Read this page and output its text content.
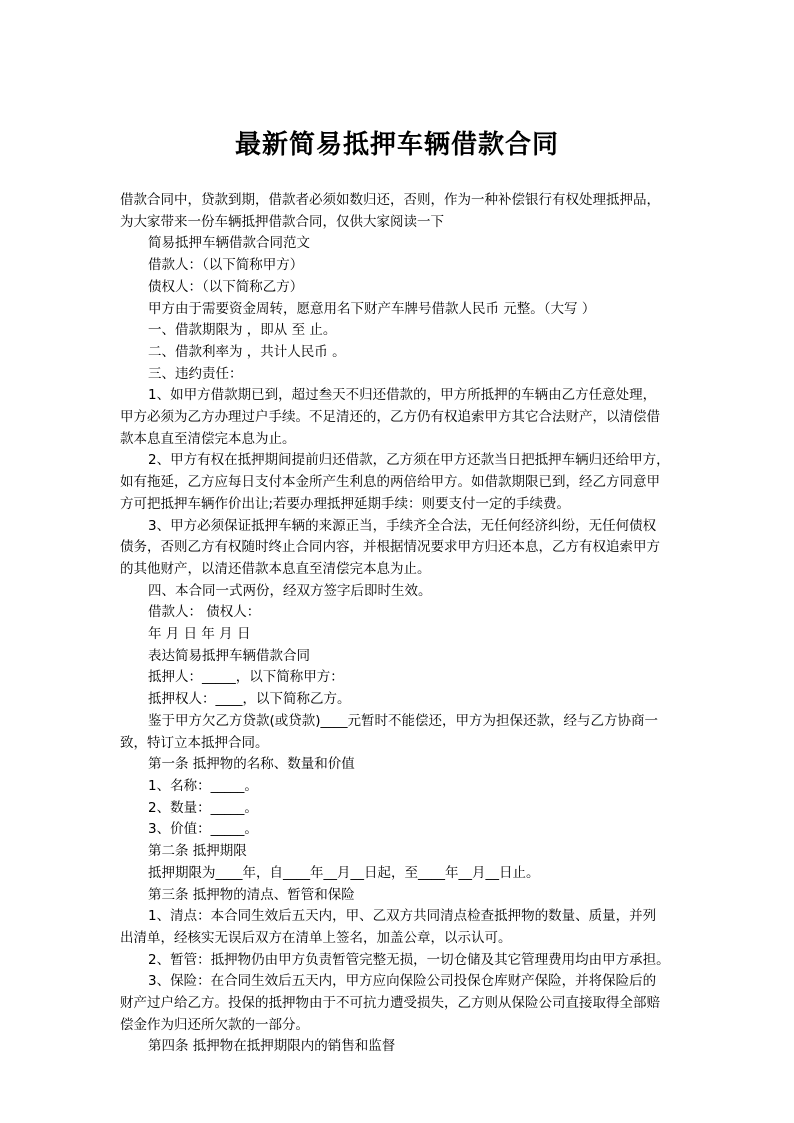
最新简易抵押车辆借款合同

借款合同中，贷款到期，借款者必须如数归还，否则，作为一种补偿银行有权处理抵押品，

为大家带来一份车辆抵押借款合同，仅供大家阅读一下

简易抵押车辆借款合同范文

借款人：（以下简称甲方）

债权人：（以下简称乙方）

甲方由于需要资金周转，愿意用名下财产车牌号借款人民币 元整。（大写 ）

一、借款期限为 ，即从 至 止。

二、借款利率为 ，共计人民币 。

三、违约责任：

1、如甲方借款期已到，超过叁天不归还借款的，甲方所抵押的车辆由乙方任意处理，

甲方必须为乙方办理过户手续。不足清还的，乙方仍有权追索甲方其它合法财产，以清偿借

款本息直至清偿完本息为止。

2、甲方有权在抵押期间提前归还借款，乙方须在甲方还款当日把抵押车辆归还给甲方，

如有拖延，乙方应每日支付本金所产生利息的两倍给甲方。如借款期限已到，经乙方同意甲

方可把抵押车辆作价出让;若要办理抵押延期手续：则要支付一定的手续费。

3、甲方必须保证抵押车辆的来源正当，手续齐全合法，无任何经济纠纷，无任何债权

债务，否则乙方有权随时终止合同内容，并根据情况要求甲方归还本息，乙方有权追索甲方

的其他财产，以清还借款本息直至清偿完本息为止。

四、本合同一式两份，经双方签字后即时生效。

借款人： 债权人：

年 月 日 年 月 日

表达简易抵押车辆借款合同

抵押人：_____，以下简称甲方：

抵押权人：____，以下简称乙方。

鉴于甲方欠乙方贷款(或贷款)____元暂时不能偿还，甲方为担保还款，经与乙方协商一

致，特订立本抵押合同。

第一条 抵押物的名称、数量和价值

1、名称：_____。

2、数量：_____。

3、价值：_____。

第二条 抵押期限

抵押期限为____年，自____年__月__日起，至____年__月__日止。

第三条 抵押物的清点、暂管和保险

1、清点：本合同生效后五天内，甲、乙双方共同清点检查抵押物的数量、质量，并列

出清单，经核实无误后双方在清单上签名，加盖公章，以示认可。

2、暂管：抵押物仍由甲方负责暂管完整无损，一切仓储及其它管理费用均由甲方承担。

3、保险：在合同生效后五天内，甲方应向保险公司投保仓库财产保险，并将保险后的

财产过户给乙方。投保的抵押物由于不可抗力遭受损失，乙方则从保险公司直接取得全部赔

偿金作为归还所欠款的一部分。

第四条 抵押物在抵押期限内的销售和监督
